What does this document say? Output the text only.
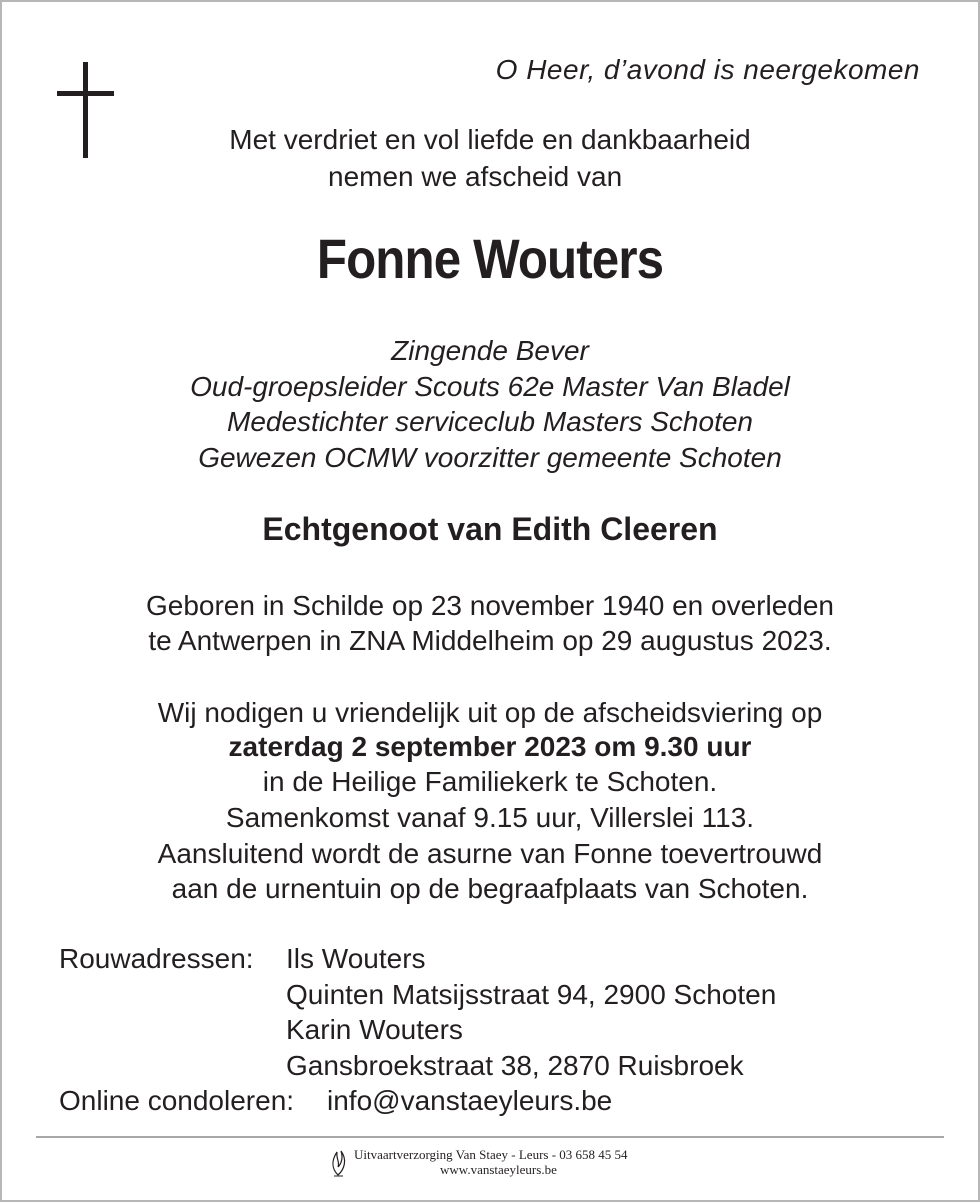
O Heer, d’avond is neergekomen
Met verdriet en vol liefde en dankbaarheid
nemen we afscheid van
Fonne Wouters
Zingende Bever
Oud-groepsleider Scouts 62e Master Van Bladel
Medestichter serviceclub Masters Schoten
Gewezen OCMW voorzitter gemeente Schoten
Echtgenoot van Edith Cleeren
Geboren in Schilde op 23 november 1940 en overleden
te Antwerpen in ZNA Middelheim op 29 augustus 2023.
Wij nodigen u vriendelijk uit op de afscheidsviering op
zaterdag 2 september 2023 om 9.30 uur
in de Heilige Familiekerk te Schoten.
Samenkomst vanaf 9.15 uur, Villerslei 113.
Aansluitend wordt de asurne van Fonne toevertrouwd
aan de urnentuin op de begraafplaats van Schoten.
Rouwadressen: Ils Wouters
Quinten Matsijsstraat 94, 2900 Schoten
Karin Wouters
Gansbroekstraat 38, 2870 Ruisbroek
Online condoleren: info@vanstaeyleurs.be
Uitvaartverzorging Van Staey - Leurs - 03 658 45 54
www.vanstaeyleurs.be
